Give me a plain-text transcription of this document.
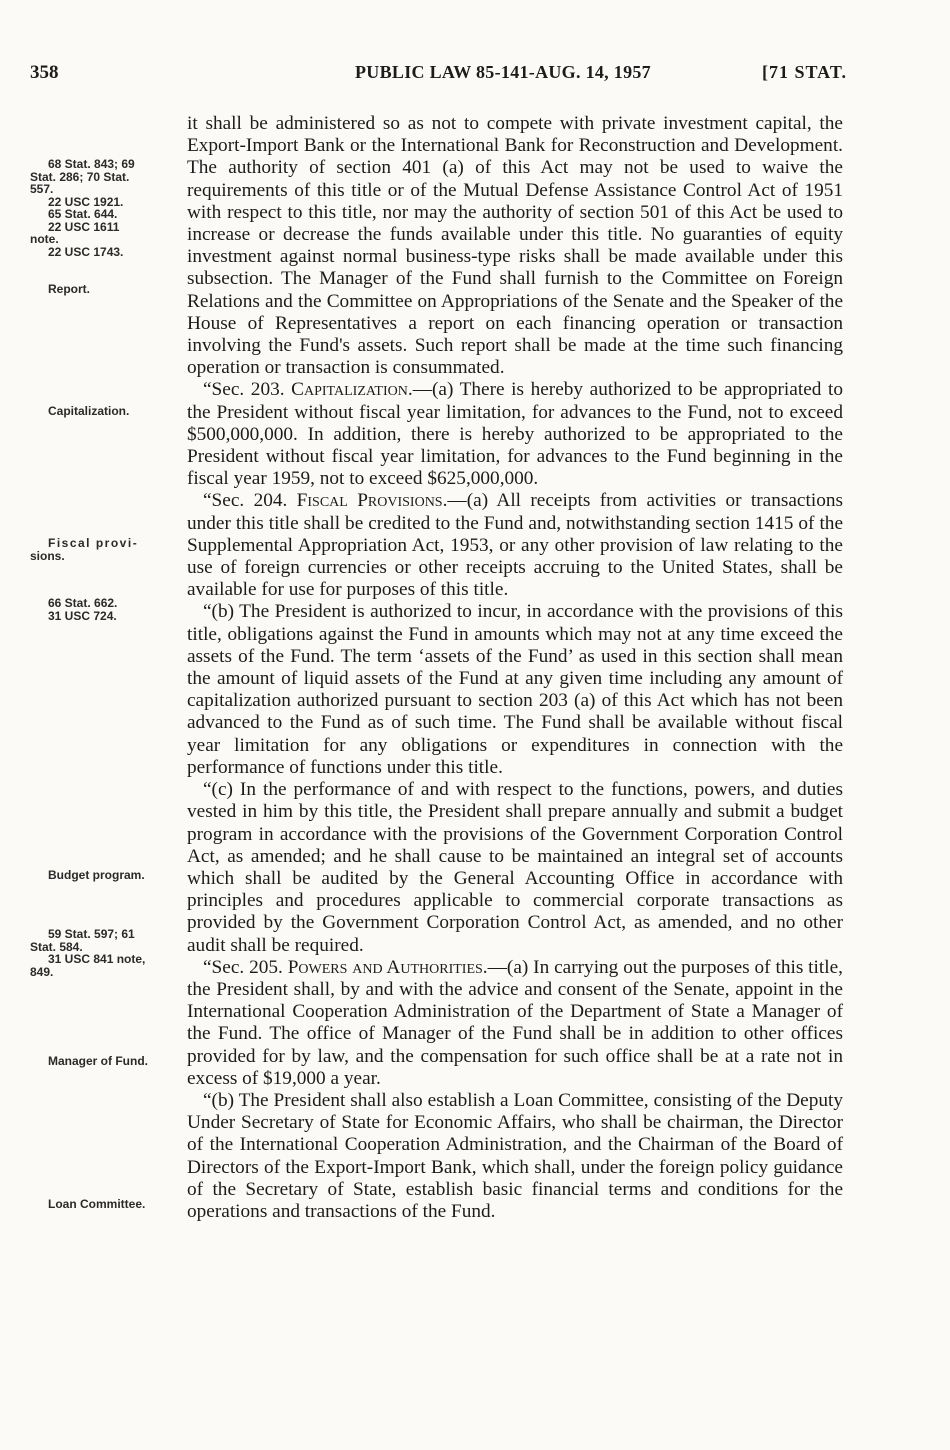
358	PUBLIC LAW 85-141-AUG. 14, 1957	[71 STAT.
68 Stat. 843; 69
Stat. 286; 70 Stat.
557.
22 USC 1921.
65 Stat. 644.
22 USC 1611
note.
22 USC 1743.
Report.
Capitalization.
Fiscal provi-
sions.
66 Stat. 662.
31 USC 724.
Budget program.
59 Stat. 597; 61
Stat. 584.
31 USC 841 note,
849.
Manager of Fund.
Loan Committee.

it shall be administered so as not to compete with private investment capital, the Export-Import Bank or the International Bank for Reconstruction and Development. The authority of section 401 (a) of this Act may not be used to waive the requirements of this title or of the Mutual Defense Assistance Control Act of 1951 with respect to this title, nor may the authority of section 501 of this Act be used to increase or decrease the funds available under this title. No guaranties of equity investment against normal business-type risks shall be made available under this subsection. The Manager of the Fund shall furnish to the Committee on Foreign Relations and the Committee on Appropriations of the Senate and the Speaker of the House of Representatives a report on each financing operation or transaction involving the Fund's assets. Such report shall be made at the time such financing operation or transaction is consummated.

“Sec. 203. Capitalization.—(a) There is hereby authorized to be appropriated to the President without fiscal year limitation, for advances to the Fund, not to exceed $500,000,000. In addition, there is hereby authorized to be appropriated to the President without fiscal year limitation, for advances to the Fund beginning in the fiscal year 1959, not to exceed $625,000,000.

“Sec. 204. Fiscal Provisions.—(a) All receipts from activities or transactions under this title shall be credited to the Fund and, notwithstanding section 1415 of the Supplemental Appropriation Act, 1953, or any other provision of law relating to the use of foreign currencies or other receipts accruing to the United States, shall be available for use for purposes of this title.

“(b) The President is authorized to incur, in accordance with the provisions of this title, obligations against the Fund in amounts which may not at any time exceed the assets of the Fund. The term ‘assets of the Fund’ as used in this section shall mean the amount of liquid assets of the Fund at any given time including any amount of capitalization authorized pursuant to section 203 (a) of this Act which has not been advanced to the Fund as of such time. The Fund shall be available without fiscal year limitation for any obligations or expenditures in connection with the performance of functions under this title.

“(c) In the performance of and with respect to the functions, powers, and duties vested in him by this title, the President shall prepare annually and submit a budget program in accordance with the provisions of the Government Corporation Control Act, as amended; and he shall cause to be maintained an integral set of accounts which shall be audited by the General Accounting Office in accordance with principles and procedures applicable to commercial corporate transactions as provided by the Government Corporation Control Act, as amended, and no other audit shall be required.

“Sec. 205. Powers and Authorities.—(a) In carrying out the purposes of this title, the President shall, by and with the advice and consent of the Senate, appoint in the International Cooperation Administration of the Department of State a Manager of the Fund. The office of Manager of the Fund shall be in addition to other offices provided for by law, and the compensation for such office shall be at a rate not in excess of $19,000 a year.

“(b) The President shall also establish a Loan Committee, consisting of the Deputy Under Secretary of State for Economic Affairs, who shall be chairman, the Director of the International Cooperation Administration, and the Chairman of the Board of Directors of the Export-Import Bank, which shall, under the foreign policy guidance of the Secretary of State, establish basic financial terms and conditions for the operations and transactions of the Fund.
